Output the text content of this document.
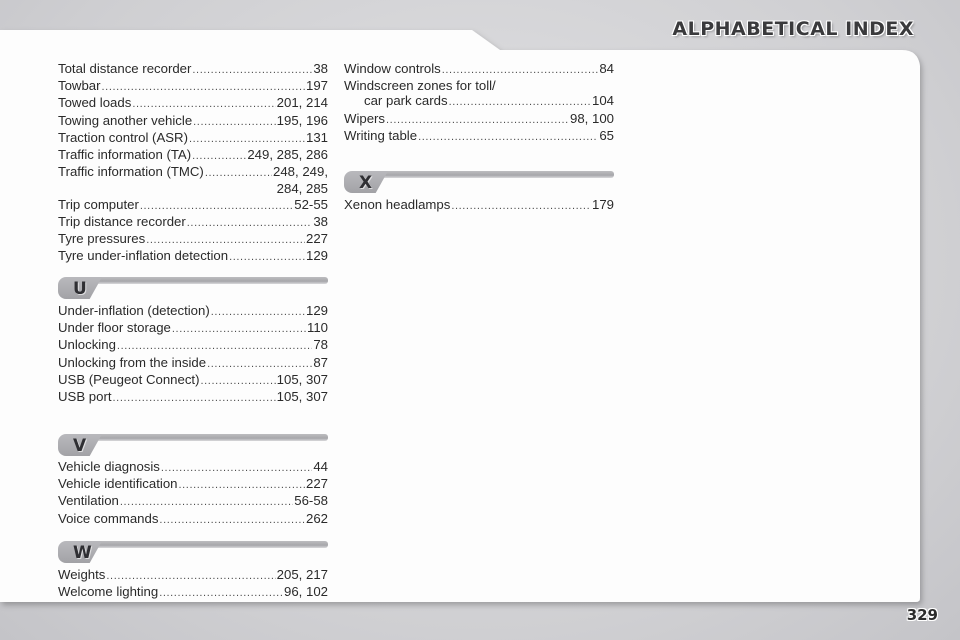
ALPHABETICAL INDEX
Total distance recorder .....	38
Towbar .....	197
Towed loads .....	201, 214
Towing another vehicle .....	195, 196
Traction control (ASR) .....	131
Traffic information (TA) .....	249, 285, 286
Traffic information (TMC) .....	248, 249,
284, 285
Trip computer .....	52-55
Trip distance recorder .....	38
Tyre pressures .....	227
Tyre under-inflation detection .....	129
U
Under-inflation (detection) .....	129
Under floor storage .....	110
Unlocking .....	78
Unlocking from the inside .....	87
USB (Peugeot Connect) .....	105, 307
USB port .....	105, 307
V
Vehicle diagnosis .....	44
Vehicle identification .....	227
Ventilation .....	56-58
Voice commands .....	262
W
Weights .....	205, 217
Welcome lighting .....	96, 102
Window controls .....	84
Windscreen zones for toll/
car park cards .....	104
Wipers .....	98, 100
Writing table .....	65
X
Xenon headlamps .....	179
329
